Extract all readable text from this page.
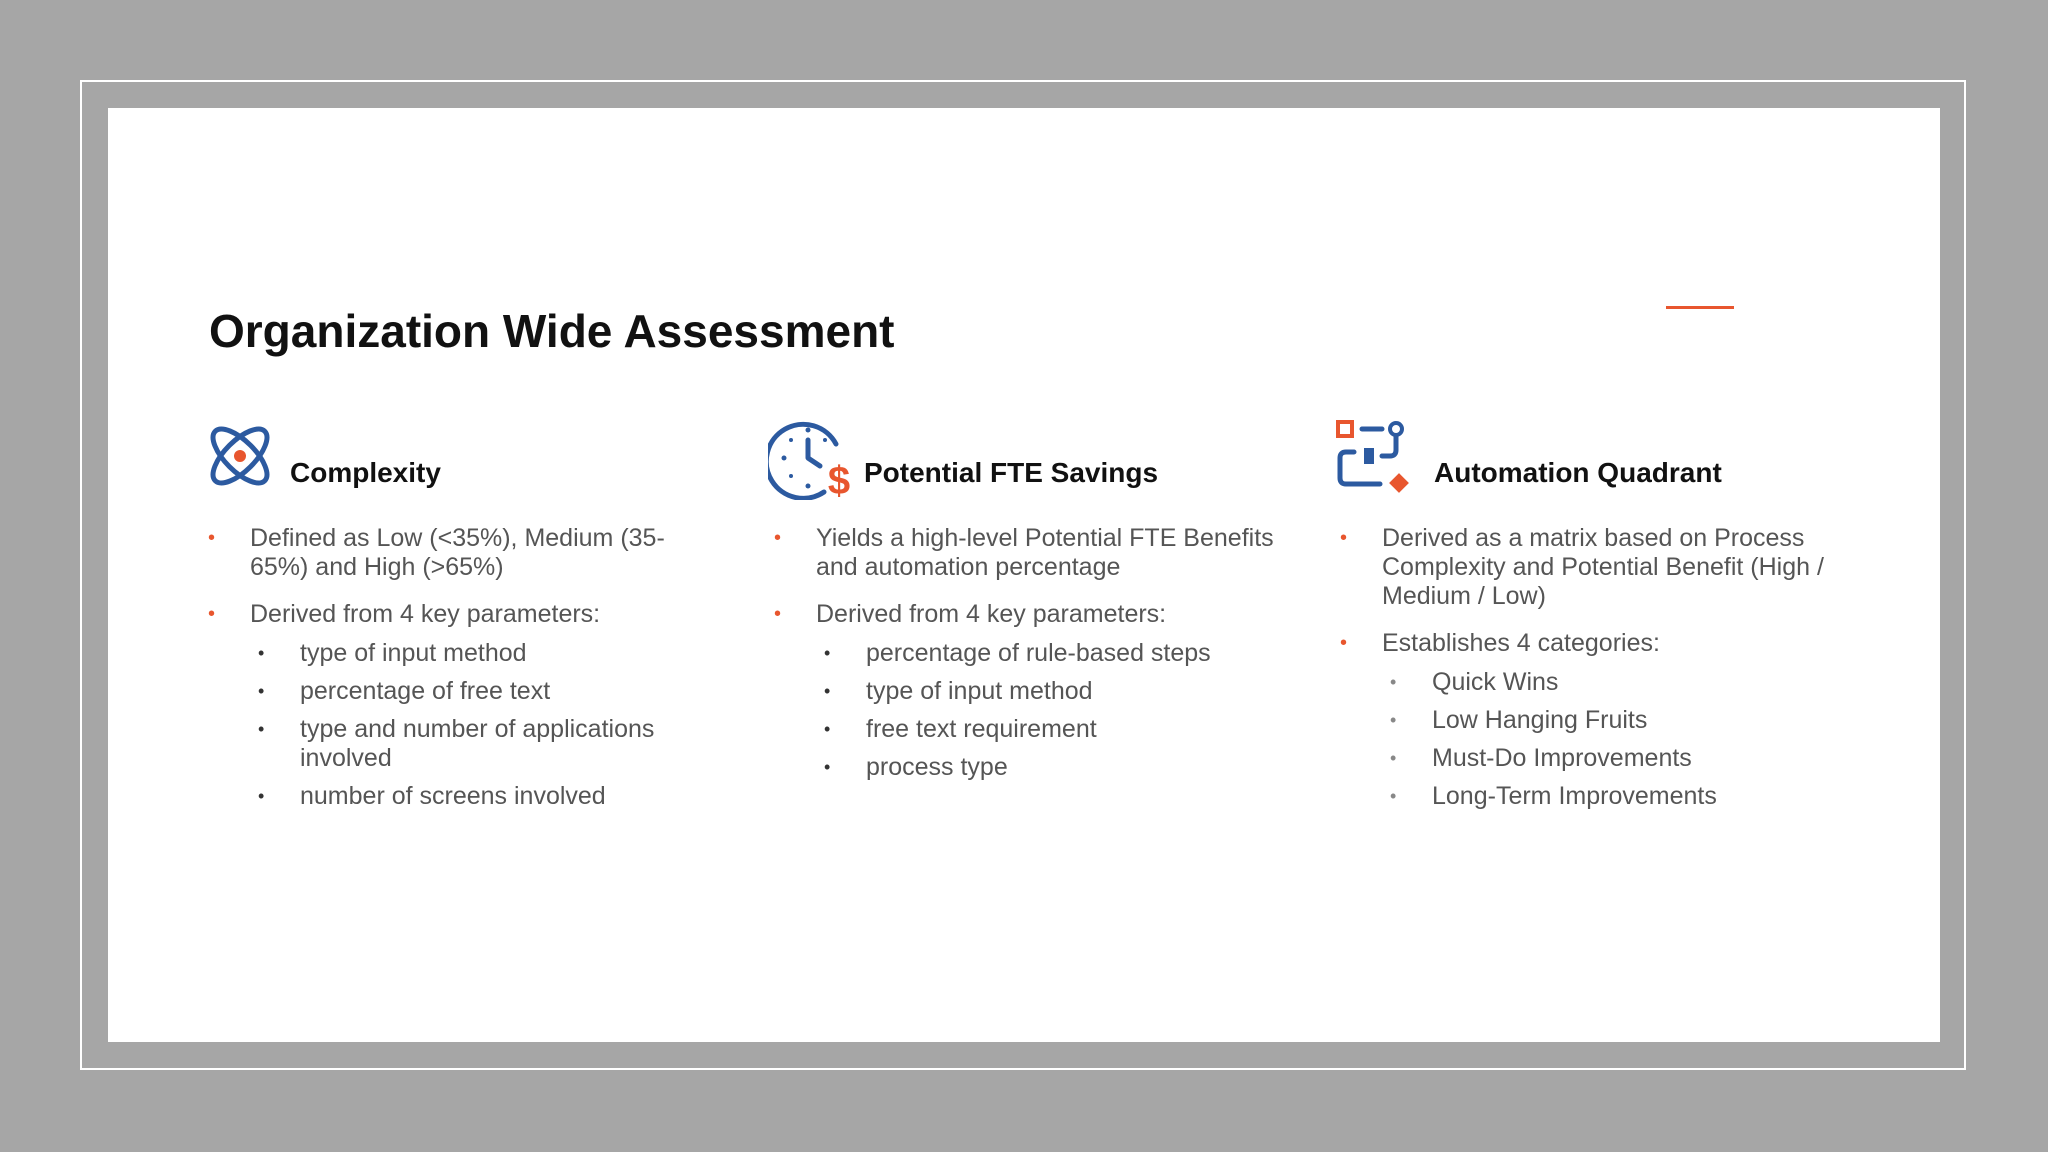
Organization Wide Assessment
Complexity
• Defined as Low (<35%), Medium (35-65%) and High (>65%)
• Derived from 4 key parameters:
• type of input method
• percentage of free text
• type and number of applications involved
• number of screens involved
$ Potential FTE Savings
• Yields a high-level Potential FTE Benefits and automation percentage
• Derived from 4 key parameters:
• percentage of rule-based steps
• type of input method
• free text requirement
• process type
Automation Quadrant
• Derived as a matrix based on Process Complexity and Potential Benefit (High / Medium / Low)
• Establishes 4 categories:
• Quick Wins
• Low Hanging Fruits
• Must-Do Improvements
• Long-Term Improvements
